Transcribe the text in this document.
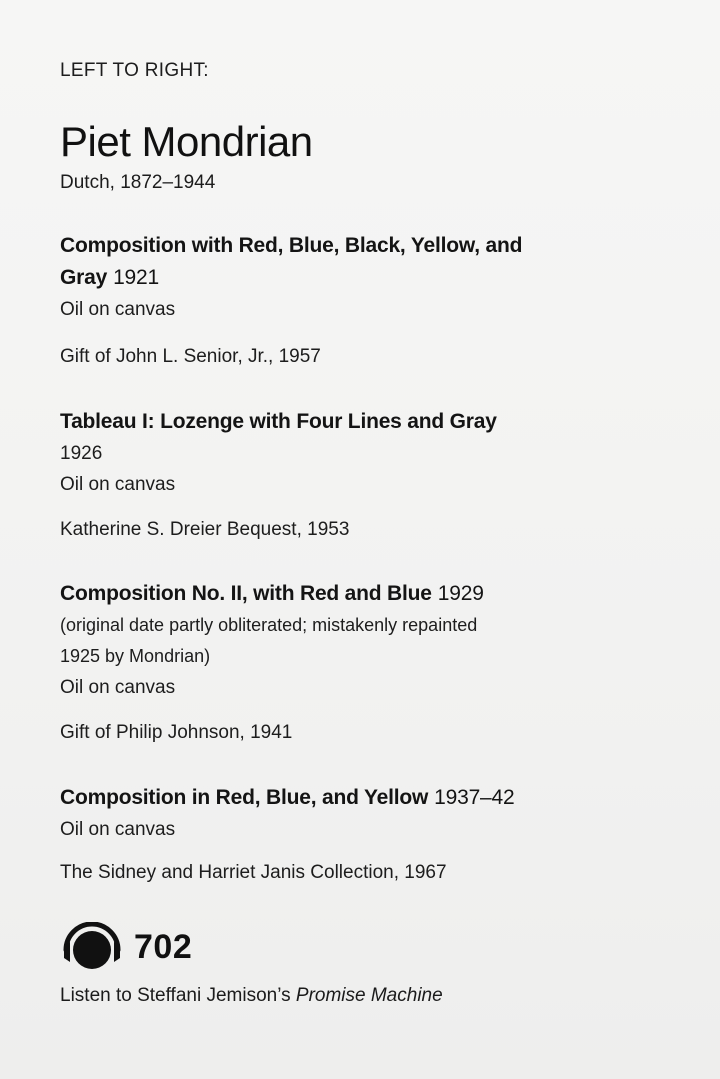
LEFT TO RIGHT:
Piet Mondrian
Dutch, 1872–1944
Composition with Red, Blue, Black, Yellow, and
Gray 1921
Oil on canvas
Gift of John L. Senior, Jr., 1957
Tableau I: Lozenge with Four Lines and Gray
1926
Oil on canvas
Katherine S. Dreier Bequest, 1953
Composition No. II, with Red and Blue 1929
(original date partly obliterated; mistakenly repainted
1925 by Mondrian)
Oil on canvas
Gift of Philip Johnson, 1941
Composition in Red, Blue, and Yellow 1937–42
Oil on canvas
The Sidney and Harriet Janis Collection, 1967
702
Listen to Steffani Jemison’s Promise Machine
